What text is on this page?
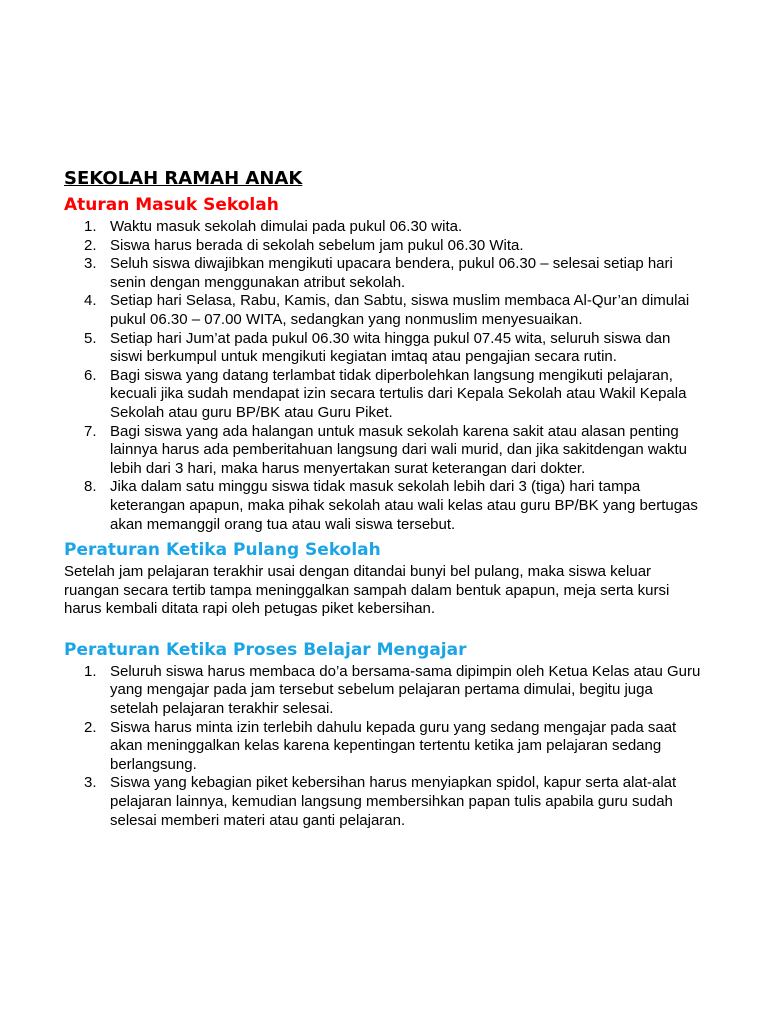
SEKOLAH RAMAH ANAK
Aturan Masuk Sekolah
1. Waktu masuk sekolah dimulai pada pukul 06.30 wita.
2. Siswa harus berada di sekolah sebelum jam pukul 06.30 Wita.
3. Seluh siswa diwajibkan mengikuti upacara bendera, pukul 06.30 – selesai setiap hari senin dengan menggunakan atribut sekolah.
4. Setiap hari Selasa, Rabu, Kamis, dan Sabtu, siswa muslim membaca Al-Qur’an dimulai pukul 06.30 – 07.00 WITA, sedangkan yang nonmuslim menyesuaikan.
5. Setiap hari Jum’at pada pukul 06.30 wita hingga pukul 07.45 wita, seluruh siswa dan siswi berkumpul untuk mengikuti kegiatan imtaq atau pengajian secara rutin.
6. Bagi siswa yang datang terlambat tidak diperbolehkan langsung mengikuti pelajaran, kecuali jika sudah mendapat izin secara tertulis dari Kepala Sekolah atau Wakil Kepala Sekolah atau guru BP/BK atau Guru Piket.
7. Bagi siswa yang ada halangan untuk masuk sekolah karena sakit atau alasan penting lainnya harus ada pemberitahuan langsung dari wali murid, dan jika sakitdengan waktu lebih dari 3 hari, maka harus menyertakan surat keterangan dari dokter.
8. Jika dalam satu minggu siswa tidak masuk sekolah lebih dari 3 (tiga) hari tampa keterangan apapun, maka pihak sekolah atau wali kelas atau guru BP/BK yang bertugas akan memanggil orang tua atau wali siswa tersebut.
Peraturan Ketika Pulang Sekolah

Setelah jam pelajaran terakhir usai dengan ditandai bunyi bel pulang, maka siswa keluar ruangan secara tertib tampa meninggalkan sampah dalam bentuk apapun, meja serta kursi harus kembali ditata rapi oleh petugas piket kebersihan.

Peraturan Ketika Proses Belajar Mengajar
1. Seluruh siswa harus membaca do’a bersama-sama dipimpin oleh Ketua Kelas atau Guru yang mengajar pada jam tersebut sebelum pelajaran pertama dimulai, begitu juga setelah pelajaran terakhir selesai.
2. Siswa harus minta izin terlebih dahulu kepada guru yang sedang mengajar pada saat akan meninggalkan kelas karena kepentingan tertentu ketika jam pelajaran sedang berlangsung.
3. Siswa yang kebagian piket kebersihan harus menyiapkan spidol, kapur serta alat-alat pelajaran lainnya, kemudian langsung membersihkan papan tulis apabila guru sudah selesai memberi materi atau ganti pelajaran.
